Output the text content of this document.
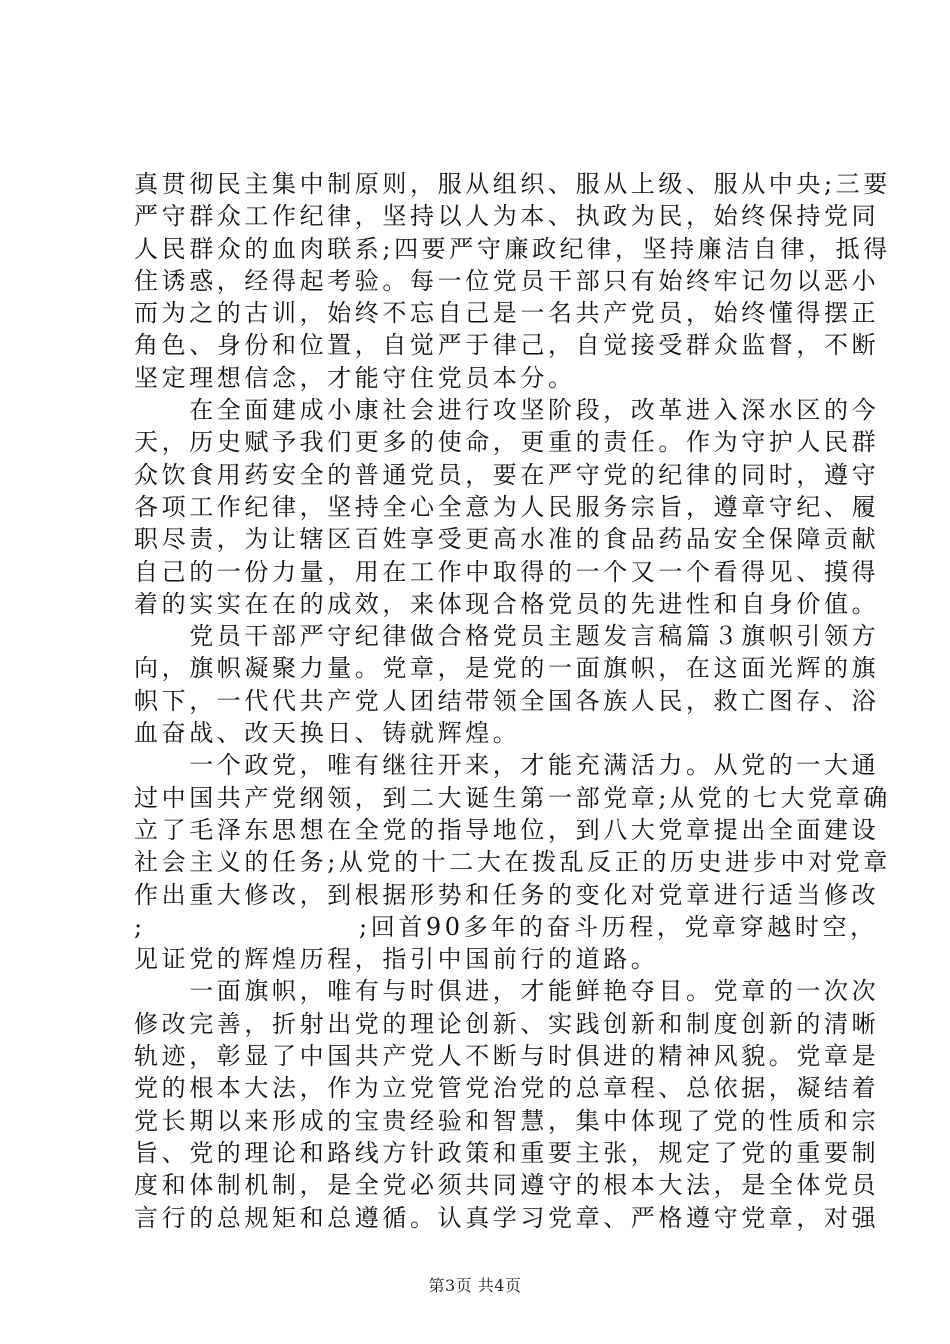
真贯彻民主集中制原则，服从组织、服从上级、服从中央;三要
严守群众工作纪律，坚持以人为本、执政为民，始终保持党同
人民群众的血肉联系;四要严守廉政纪律，坚持廉洁自律，抵得
住诱惑，经得起考验。每一位党员干部只有始终牢记勿以恶小
而为之的古训，始终不忘自己是一名共产党员，始终懂得摆正
角色、身份和位置，自觉严于律己，自觉接受群众监督，不断
坚定理想信念，才能守住党员本分。
　　在全面建成小康社会进行攻坚阶段，改革进入深水区的今
天，历史赋予我们更多的使命，更重的责任。作为守护人民群
众饮食用药安全的普通党员，要在严守党的纪律的同时，遵守
各项工作纪律，坚持全心全意为人民服务宗旨，遵章守纪、履
职尽责，为让辖区百姓享受更高水准的食品药品安全保障贡献
自己的一份力量，用在工作中取得的一个又一个看得见、摸得
着的实实在在的成效，来体现合格党员的先进性和自身价值。
　　党员干部严守纪律做合格党员主题发言稿篇３旗帜引领方
向，旗帜凝聚力量。党章，是党的一面旗帜，在这面光辉的旗
帜下，一代代共产党人团结带领全国各族人民，救亡图存、浴
血奋战、改天换日、铸就辉煌。
　　一个政党，唯有继往开来，才能充满活力。从党的一大通
过中国共产党纲领，到二大诞生第一部党章;从党的七大党章确
立了毛泽东思想在全党的指导地位，到八大党章提出全面建设
社会主义的任务;从党的十二大在拨乱反正的历史进步中对党章
作出重大修改，到根据形势和任务的变化对党章进行适当修改
;                   ;回首90多年的奋斗历程，党章穿越时空，
见证党的辉煌历程，指引中国前行的道路。
　　一面旗帜，唯有与时俱进，才能鲜艳夺目。党章的一次次
修改完善，折射出党的理论创新、实践创新和制度创新的清晰
轨迹，彰显了中国共产党人不断与时俱进的精神风貌。党章是
党的根本大法，作为立党管党治党的总章程、总依据，凝结着
党长期以来形成的宝贵经验和智慧，集中体现了党的性质和宗
旨、党的理论和路线方针政策和重要主张，规定了党的重要制
度和体制机制，是全党必须共同遵守的根本大法，是全体党员
言行的总规矩和总遵循。认真学习党章、严格遵守党章，对强
第3页 共4页
